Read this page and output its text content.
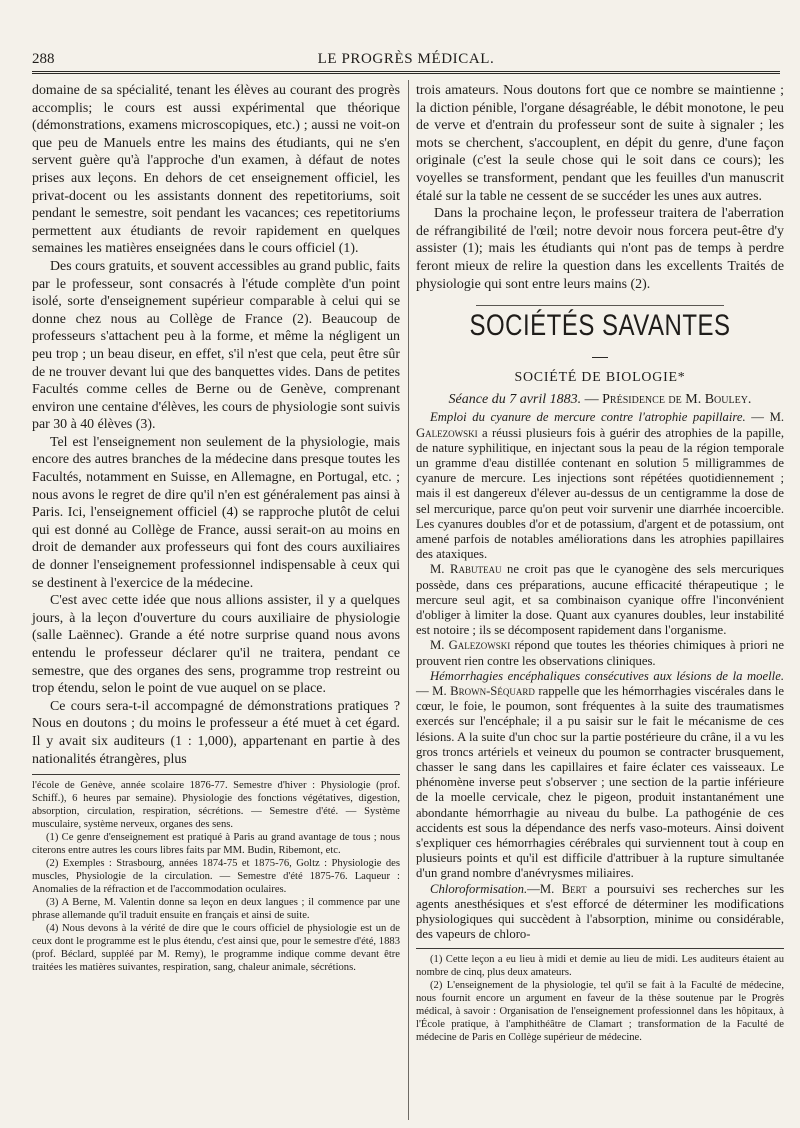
288	LE PROGRÈS MÉDICAL.

domaine de sa spécialité, tenant les élèves au courant des progrès accomplis; le cours est aussi expérimental que théorique (démonstrations, examens microscopiques, etc.) ; aussi ne voit-on que peu de Manuels entre les mains des étudiants, qui ne s'en servent guère qu'à l'approche d'un examen, à défaut de notes prises aux leçons. En dehors de cet enseignement officiel, les privat-docent ou les assistants donnent des repetitoriums, soit pendant le semestre, soit pendant les vacances; ces repetitoriums permettent aux étudiants de revoir rapidement en quelques semaines les matières enseignées dans le cours officiel (1).

Des cours gratuits, et souvent accessibles au grand public, faits par le professeur, sont consacrés à l'étude complète d'un point isolé, sorte d'enseignement supérieur comparable à celui qui se donne chez nous au Collège de France (2). Beaucoup de professeurs s'attachent peu à la forme, et même la négligent un peu trop ; un beau diseur, en effet, s'il n'est que cela, peut être sûr de ne trouver devant lui que des banquettes vides. Dans de petites Facultés comme celles de Berne ou de Genève, comprenant environ une centaine d'élèves, les cours de physiologie sont suivis par 30 à 40 élèves (3).

Tel est l'enseignement non seulement de la physiologie, mais encore des autres branches de la médecine dans presque toutes les Facultés, notamment en Suisse, en Allemagne, en Portugal, etc. ; nous avons le regret de dire qu'il n'en est généralement pas ainsi à Paris. Ici, l'enseignement officiel (4) se rapproche plutôt de celui qui est donné au Collège de France, aussi serait-on au moins en droit de demander aux professeurs qui font des cours auxiliaires de donner l'enseignement professionnel indispensable à ceux qui se destinent à l'exercice de la médecine.

C'est avec cette idée que nous allions assister, il y a quelques jours, à la leçon d'ouverture du cours auxiliaire de physiologie (salle Laënnec). Grande a été notre surprise quand nous avons entendu le professeur déclarer qu'il ne traitera, pendant ce semestre, que des organes des sens, programme trop restreint ou trop étendu, selon le point de vue auquel on se place.

Ce cours sera-t-il accompagné de démonstrations pratiques ? Nous en doutons ; du moins le professeur a été muet à cet égard. Il y avait six auditeurs (1 : 1,000), appartenant en partie à des nationalités étrangères, plus

l'école de Genève, année scolaire 1876-77. Semestre d'hiver : Physiologie (prof. Schiff.), 6 heures par semaine). Physiologie des fonctions végétatives, digestion, absorption, circulation, respiration, sécrétions. — Semestre d'été. — Système musculaire, système nerveux, organes des sens.

(1) Ce genre d'enseignement est pratiqué à Paris au grand avantage de tous ; nous citerons entre autres les cours libres faits par MM. Budin, Ribemont, etc.

(2) Exemples : Strasbourg, années 1874-75 et 1875-76, Goltz : Physiologie des muscles, Physiologie de la circulation. — Semestre d'été 1875-76. Laqueur : Anomalies de la réfraction et de l'accommodation oculaires.

(3) A Berne, M. Valentin donne sa leçon en deux langues ; il commence par une phrase allemande qu'il traduit ensuite en français et ainsi de suite.

(4) Nous devons à la vérité de dire que le cours officiel de physiologie est un de ceux dont le programme est le plus étendu, c'est ainsi que, pour le semestre d'été, 1883 (prof. Béclard, suppléé par M. Remy), le programme indique comme devant être traitées les matières suivantes, respiration, sang, chaleur animale, sécrétions.

trois amateurs. Nous doutons fort que ce nombre se maintienne ; la diction pénible, l'organe désagréable, le débit monotone, le peu de verve et d'entrain du professeur sont de suite à signaler ; les mots se cherchent, s'accouplent, en dépit du genre, d'une façon originale (c'est la seule chose qui le soit dans ce cours); les voyelles se transforment, pendant que les feuilles d'un manuscrit étalé sur la table ne cessent de se succéder les unes aux autres.

Dans la prochaine leçon, le professeur traitera de l'aberration de réfrangibilité de l'œil; notre devoir nous forcera peut-être d'y assister (1); mais les étudiants qui n'ont pas de temps à perdre feront mieux de relire la question dans les excellents Traités de physiologie qui sont entre leurs mains (2).

SOCIÉTÉS SAVANTES
SOCIÉTÉ DE BIOLOGIE*
Séance du 7 avril 1883. — Présidence de M. Bouley.

Emploi du cyanure de mercure contre l'atrophie papillaire. — M. Galezowski a réussi plusieurs fois à guérir des atrophies de la papille, de nature syphilitique, en injectant sous la peau de la région temporale un gramme d'eau distillée contenant en solution 5 milligrammes de cyanure de mercure. Les injections sont répétées quotidiennement ; mais il est dangereux d'élever au-dessus de un centigramme la dose de sel mercurique, parce qu'on peut voir survenir une diarrhée incoercible. Les cyanures doubles d'or et de potassium, d'argent et de potassium, ont amené parfois de notables améliorations dans les atrophies papillaires des ataxiques.

M. Rabuteau ne croit pas que le cyanogène des sels mercuriques possède, dans ces préparations, aucune efficacité thérapeutique ; le mercure seul agit, et sa combinaison cyanique offre l'inconvénient d'obliger à limiter la dose. Quant aux cyanures doubles, leur instabilité est notoire ; ils se décomposent rapidement dans l'organisme.

M. Galezowski répond que toutes les théories chimiques à priori ne prouvent rien contre les observations cliniques.

Hémorrhagies encéphaliques consécutives aux lésions de la moelle. — M. Brown-Séquard rappelle que les hémorrhagies viscérales dans le cœur, le foie, le poumon, sont fréquentes à la suite des traumatismes exercés sur l'encéphale; il a pu saisir sur le fait le mécanisme de ces lésions. A la suite d'un choc sur la partie postérieure du crâne, il a vu les gros troncs artériels et veineux du poumon se contracter brusquement, chasser le sang dans les capillaires et faire éclater ces vaisseaux. Le phénomène inverse peut s'observer ; une section de la partie inférieure de la moelle cervicale, chez le pigeon, produit instantanément une abondante hémorrhagie au niveau du bulbe. La pathogénie de ces accidents est sous la dépendance des nerfs vaso-moteurs. Ainsi doivent s'expliquer ces hémorrhagies cérébrales qui surviennent tout à coup en plusieurs points et qu'il est difficile d'attribuer à la rupture simultanée d'un grand nombre d'anévrysmes miliaires.

Chloroformisation.—M. Bert a poursuivi ses recherches sur les agents anesthésiques et s'est efforcé de déterminer les modifications physiologiques qui succèdent à l'absorption, minime ou considérable, des vapeurs de chloro-

(1) Cette leçon a eu lieu à midi et demie au lieu de midi. Les auditeurs étaient au nombre de cinq, plus deux amateurs.

(2) L'enseignement de la physiologie, tel qu'il se fait à la Faculté de médecine, nous fournit encore un argument en faveur de la thèse soutenue par le Progrès médical, à savoir : Organisation de l'enseignement professionnel dans les hôpitaux, à l'École pratique, à l'amphithéâtre de Clamart ; transformation de la Faculté de médecine de Paris en Collège supérieur de médecine.
